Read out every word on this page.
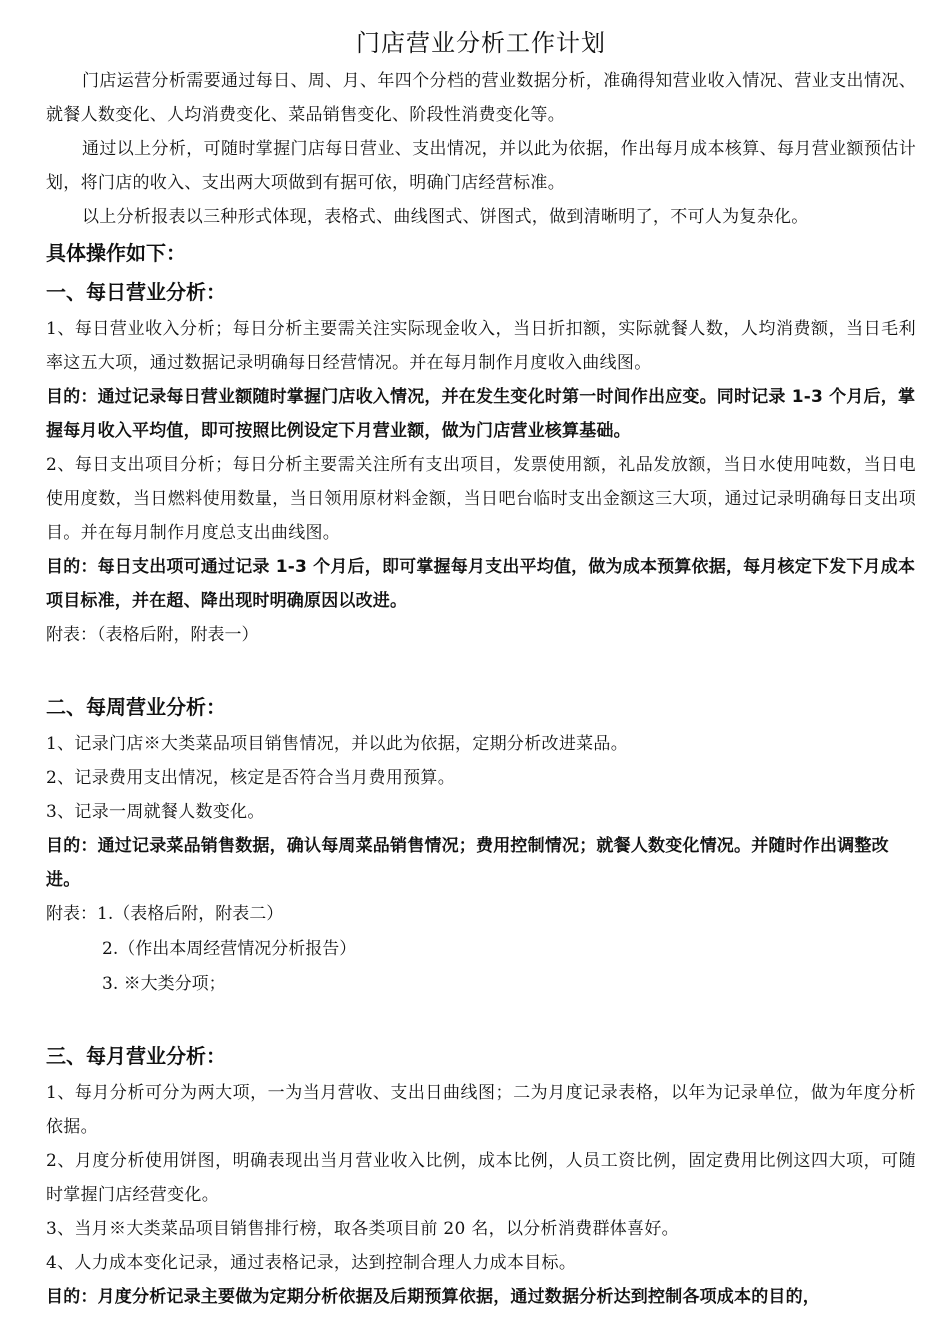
门店营业分析工作计划

门店运营分析需要通过每日、周、月、年四个分档的营业数据分析，准确得知营业收入情况、营业支出情况、就餐人数变化、人均消费变化、菜品销售变化、阶段性消费变化等。

通过以上分析，可随时掌握门店每日营业、支出情况，并以此为依据，作出每月成本核算、每月营业额预估计划，将门店的收入、支出两大项做到有据可依，明确门店经营标准。

以上分析报表以三种形式体现，表格式、曲线图式、饼图式，做到清晰明了，不可人为复杂化。

具体操作如下：
一、每日营业分析：

1、每日营业收入分析；每日分析主要需关注实际现金收入，当日折扣额，实际就餐人数，人均消费额，当日毛利率这五大项，通过数据记录明确每日经营情况。并在每月制作月度收入曲线图。

目的：通过记录每日营业额随时掌握门店收入情况，并在发生变化时第一时间作出应变。同时记录 1-3 个月后，掌握每月收入平均值，即可按照比例设定下月营业额，做为门店营业核算基础。

2、每日支出项目分析；每日分析主要需关注所有支出项目，发票使用额，礼品发放额，当日水使用吨数，当日电使用度数，当日燃料使用数量，当日领用原材料金额，当日吧台临时支出金额这三大项，通过记录明确每日支出项目。并在每月制作月度总支出曲线图。

目的：每日支出项可通过记录 1-3 个月后，即可掌握每月支出平均值，做为成本预算依据，每月核定下发下月成本项目标准，并在超、降出现时明确原因以改进。

附表：（表格后附，附表一）

二、每周营业分析：

1、记录门店※大类菜品项目销售情况，并以此为依据，定期分析改进菜品。

2、记录费用支出情况，核定是否符合当月费用预算。

3、记录一周就餐人数变化。

目的：通过记录菜品销售数据，确认每周菜品销售情况；费用控制情况；就餐人数变化情况。并随时作出调整改进。

附表：1.（表格后附，附表二）

2.（作出本周经营情况分析报告）

3. ※大类分项；

三、每月营业分析：

1、每月分析可分为两大项，一为当月营收、支出日曲线图；二为月度记录表格，以年为记录单位，做为年度分析依据。

2、月度分析使用饼图，明确表现出当月营业收入比例，成本比例，人员工资比例，固定费用比例这四大项，可随时掌握门店经营变化。

3、当月※大类菜品项目销售排行榜，取各类项目前 20 名，以分析消费群体喜好。

4、人力成本变化记录，通过表格记录，达到控制合理人力成本目标。

目的：月度分析记录主要做为定期分析依据及后期预算依据，通过数据分析达到控制各项成本的目的，
